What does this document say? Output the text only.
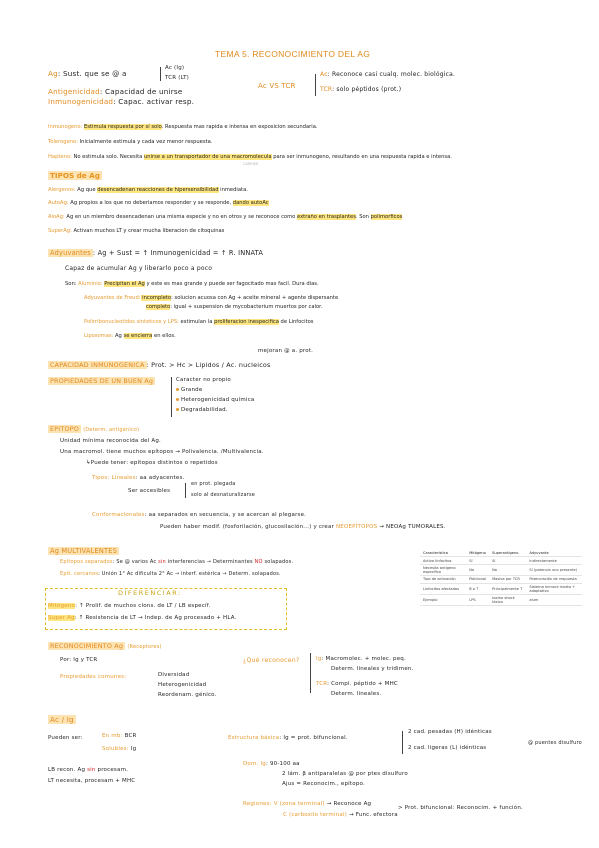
TEMA 5. RECONOCIMIENTO DEL AG
Ag: Sust. que se @ a
Ac (Ig)
TCR (LT)
Antigenicidad: Capacidad de unirse
Inmunogenicidad: Capac. activar resp.
Ac VS TCR
Ac: Reconoce casi cualq. molec. biológica.
TCR: solo péptidos (prot.)
Inmunogeno: Estimula respuesta por sí solo. Respuesta mas rapida e intensa en exposicion secundaria.
Tolerogeno: Inicialmente estimula y cada vez menor respuesta.
Hapteno: No estimula solo. Necesita unirse a un transportador de una macromolecula para ser inmunogeno, resultando en una respuesta rapida e intensa.
CARRIER
TIPOS de Ag
Alergenos: Ag que desencadenan reacciones de hipersensibilidad inmediata.
AutoAg: Ag propios a los que no deberiamos responder y se responde, dando autoAc
AloAg: Ag en un miembro desencadenan una misma especie y no en otros y se reconoce como extraño en trasplantes. Son polimorficos
SuperAg: Activan muchos LT y crear mucha liberacion de citoquinas
Adyuvantes : Ag + Sust = ↑ Inmunogenicidad = ↑ R. INNATA
Capaz de acumular Ag y liberarlo poco a poco
Son: Aluminio: Precipitan el Ag y este es mas grande y puede ser fagocitado mas facil. Dura dias.
Adyuvantes de Freud: incompleto: solucion acuosa con Ag + aceite mineral + agente dispersante
completo: igual + suspension de mycobacterium muertos por calor.
Polirribonucleotidos sinteticos y LPS: estimulan la proliferacion inespecifica de Linfocitos
Liposomas: Ag se encierra en ellos.
mejoran @ a. prot.
CAPACIDAD INMUNOGENICA : Prot. > Hc > Lipidos / Ac. nucleicos
PROPIEDADES DE UN BUEN Ag	Caracter no propio
Grande
Heterogenicidad química
Degradabilidad.
EPITOPO (Determ. antigénico)
Unidad mínima reconocida del Ag.
Una macromol. tiene muchos epítopos → Polivalencia. /Multivalencia.
↳Puede tener: epítopos distintos o repetidos
Tipos: Lineales: aa adyacentes.
Ser accesibles
en prot. plegada
solo al desnaturalizarse
Conformacionales: aa separados en secuencia, y se acercan al plegarse.
Pueden haber modif. (fosforilación, glucosilación...) y crear NEOEPÍTOPOS → NEOAg TUMORALES.
Ag MULTIVALENTES
Epítopos separados: Se @ varios Ac sin interferencias → Determinantes NO solapados.
Epít. cercanos: Unión 1° Ac dificulta 2° Ac → interf. estérica → Determ. solapados.
DIFERENCIAR:
Mitógeno: ↑ Prolif. de muchos clons. de LT / LB específ.
Super Ag: ↑ Resistencia de LT → Indep. de Ag procesado + HLA.
Característica	Mitógeno	Superantígeno	Adyuvante
Activa linfocitos	Sí	Sí	Indirectamente
Necesita antígeno específico	No	No	Sí (potencia uno presente)
Tipo de activación	Policlonal	Masiva por TCR	Potenciación de respuesta
Linfocitos afectados	B o T	Principalmente T	Sistema inmune innato + adaptativo
Ejemplo	LPS	toxina shock tóxico	alum
RECONOCIMIENTO Ag (Receptores)
Por: Ig y TCR
Propiedades comunes:	Diversidad
Heterogenicidad
Reordenam. génico.
¿Qué reconocen?	Ig: Macromolec. + molec. peq.
Determ. lineales y tridimen.
TCR: Compl. péptido + MHC
Determ. lineales.
Ac / Ig
Pueden ser:	En mb: BCR
Solubles: Ig
LB recon. Ag sin procesam.
LT necesita, procesam + MHC
Estructura básica: Ig = prot. bifuncional.
2 cad. pesadas (H) idénticas
2 cad. ligeras (L) idénticas
@ puentes disulfuro
Dom. Ig: 90-100 aa
2 lám. β antiparalelas @ por ptes disulfuro
Ajus = Reconocim., epítopo.
Regiones: V (zona terminal) → Reconoce Ag
C (carboxilo terminal) → Func. efectora
> Prot. bifuncional: Reconocim. + función.
